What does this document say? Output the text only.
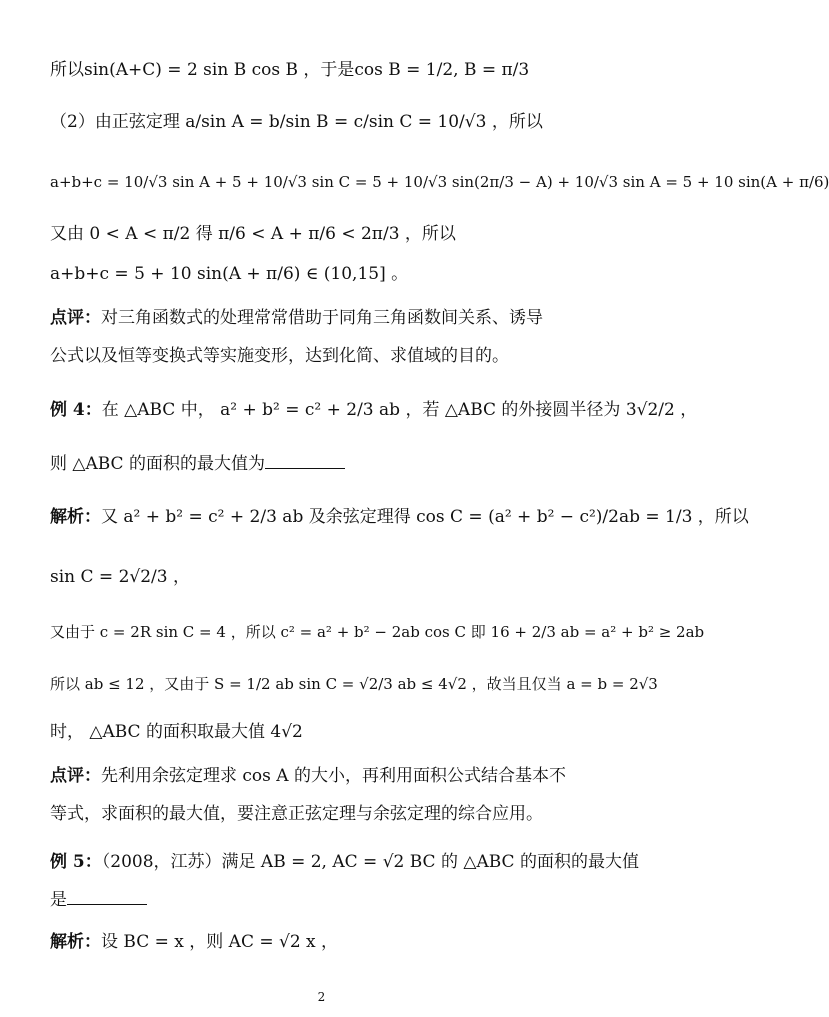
所以sin(A+C) = 2 sin B cos B ，于是cos B = 1/2, B = π/3
（2）由正弦定理 a/sin A = b/sin B = c/sin C = 10/√3 ，所以
a+b+c = 10/√3 sin A + 5 + 10/√3 sin C = 5 + 10/√3 sin(2π/3 − A) + 10/√3 sin A = 5 + 10 sin(A + π/6)
又由 0 < A < π/2 得 π/6 < A + π/6 < 2π/3 ，所以
a+b+c = 5 + 10 sin(A + π/6) ∈ (10,15] 。
点评：对三角函数式的处理常常借助于同角三角函数间关系、诱导
公式以及恒等变换式等实施变形，达到化简、求值域的目的。
例 4：在 △ABC 中， a² + b² = c² + 2/3 ab ，若 △ABC 的外接圆半径为 3√2/2 ，
则 △ABC 的面积的最大值为
解析：又 a² + b² = c² + 2/3 ab 及余弦定理得 cos C = (a² + b² − c²)/2ab = 1/3 ，所以
sin C = 2√2/3 ，
又由于 c = 2R sin C = 4 ，所以 c² = a² + b² − 2ab cos C 即 16 + 2/3 ab = a² + b² ≥ 2ab
所以 ab ≤ 12 ，又由于 S = 1/2 ab sin C = √2/3 ab ≤ 4√2 ，故当且仅当 a = b = 2√3
时， △ABC 的面积取最大值 4√2
点评：先利用余弦定理求 cos A 的大小，再利用面积公式结合基本不
等式，求面积的最大值，要注意正弦定理与余弦定理的综合应用。
例 5：（2008，江苏）满足 AB = 2, AC = √2 BC 的 △ABC 的面积的最大值
是
解析：设 BC = x ，则 AC = √2 x ，
2
